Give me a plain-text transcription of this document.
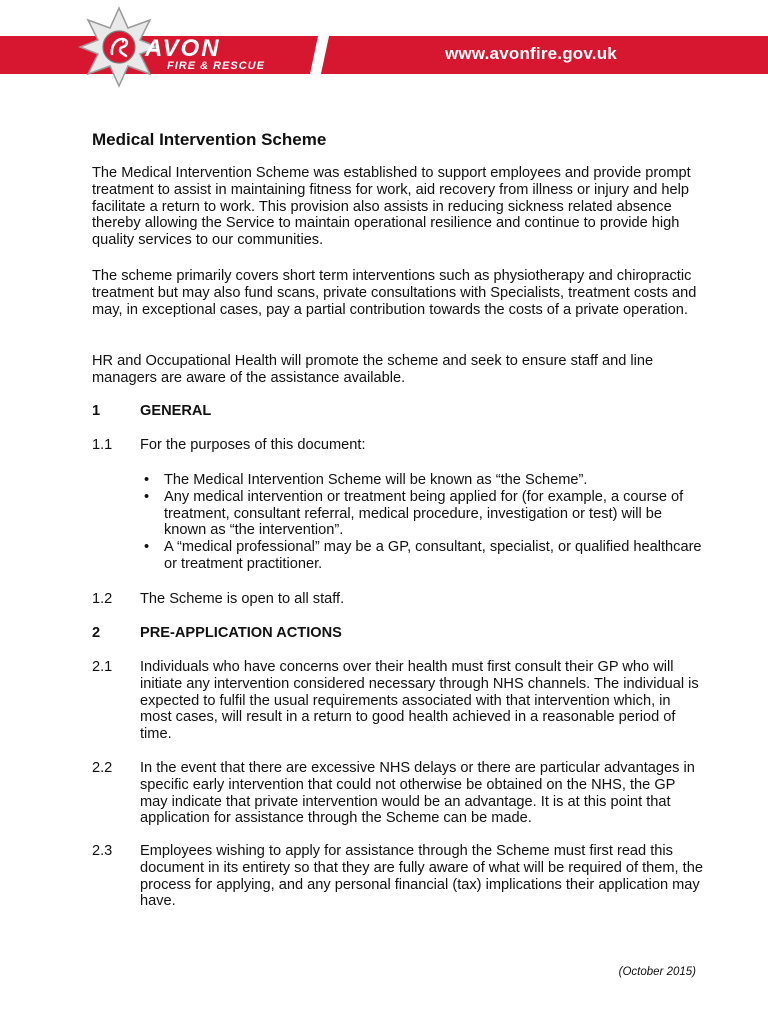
AVON
FIRE & RESCUE
www.avonfire.gov.uk
Medical Intervention Scheme

The Medical Intervention Scheme was established to support employees and provide prompt treatment to assist in maintaining fitness for work, aid recovery from illness or injury and help facilitate a return to work. This provision also assists in reducing sickness related absence thereby allowing the Service to maintain operational resilience and continue to provide high quality services to our communities.

The scheme primarily covers short term interventions such as physiotherapy and chiropractic treatment but may also fund scans, private consultations with Specialists, treatment costs and may, in exceptional cases, pay a partial contribution towards the costs of a private operation.

HR and Occupational Health will promote the scheme and seek to ensure staff and line managers are aware of the assistance available.

1	GENERAL
1.1 For the purposes of this document:

• The Medical Intervention Scheme will be known as “the Scheme”.
• Any medical intervention or treatment being applied for (for example, a course of treatment, consultant referral, medical procedure, investigation or test) will be known as “the intervention”.
• A “medical professional” may be a GP, consultant, specialist, or qualified healthcare or treatment practitioner.
1.2 The Scheme is open to all staff.

2	PRE-APPLICATION ACTIONS
2.1 Individuals who have concerns over their health must first consult their GP who will initiate any intervention considered necessary through NHS channels. The individual is expected to fulfil the usual requirements associated with that intervention which, in most cases, will result in a return to good health achieved in a reasonable period of time.

2.2 In the event that there are excessive NHS delays or there are particular advantages in specific early intervention that could not otherwise be obtained on the NHS, the GP may indicate that private intervention would be an advantage. It is at this point that application for assistance through the Scheme can be made.

2.3 Employees wishing to apply for assistance through the Scheme must first read this document in its entirety so that they are fully aware of what will be required of them, the process for applying, and any personal financial (tax) implications their application may have.

(October 2015)
